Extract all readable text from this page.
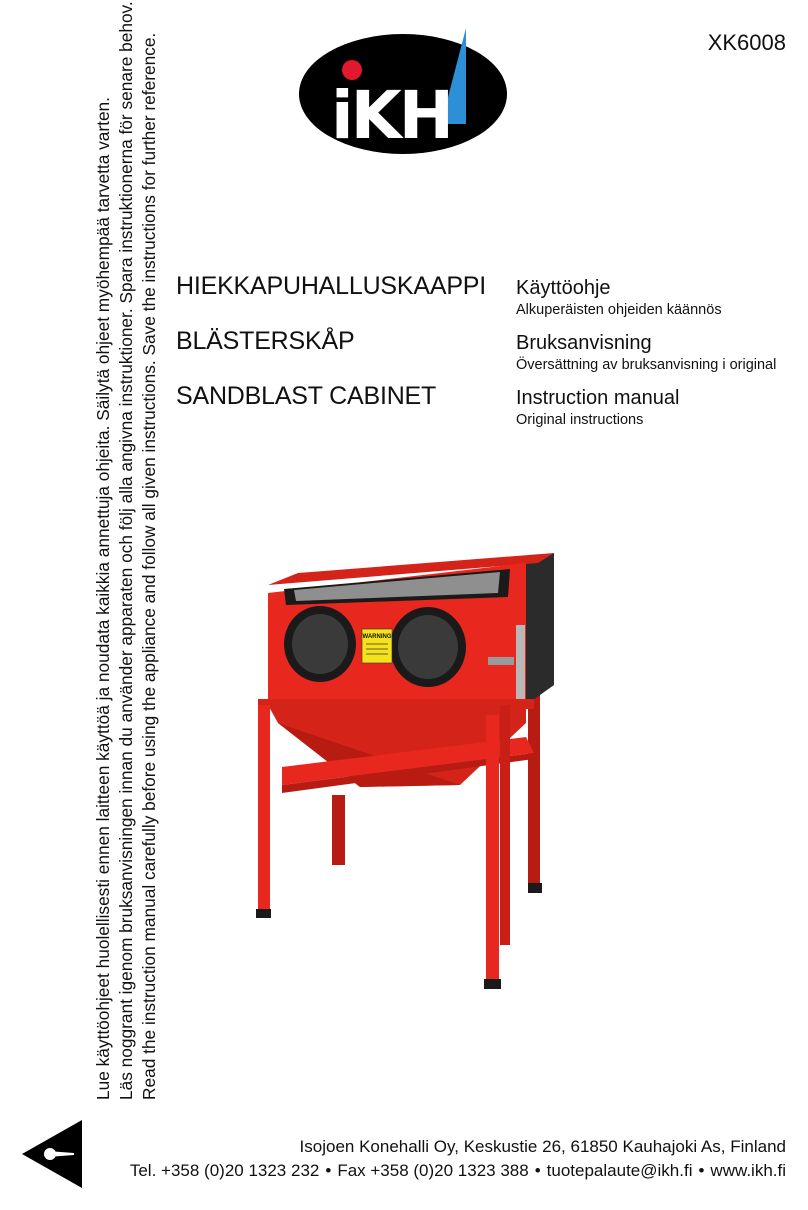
XK6008
iKH
Lue käyttöohjeet huolellisesti ennen laitteen käyttöä ja noudata kaikkia annettuja ohjeita. Säilytä ohjeet myöhempää tarvetta varten. Läs noggrant igenom bruksanvisningen innan du använder apparaten och följ alla angivna instruktioner. Spara instruktionerna för senare behov. Read the instruction manual carefully before using the appliance and follow all given instructions. Save the instructions for further reference. HIEKKAPUHALLUSKAAPPI
BLÄSTERSKÅP
SANDBLAST CABINET
Käyttöohje
Alkuperäisten ohjeiden käännös
Bruksanvisning
Översättning av bruksanvisning i original
Instruction manual
Original instructions
WARNING
Isojoen Konehalli Oy, Keskustie 26, 61850 Kauhajoki As, Finland
Tel. +358 (0)20 1323 232 • Fax +358 (0)20 1323 388 • tuotepalaute@ikh.fi • www.ikh.fi
